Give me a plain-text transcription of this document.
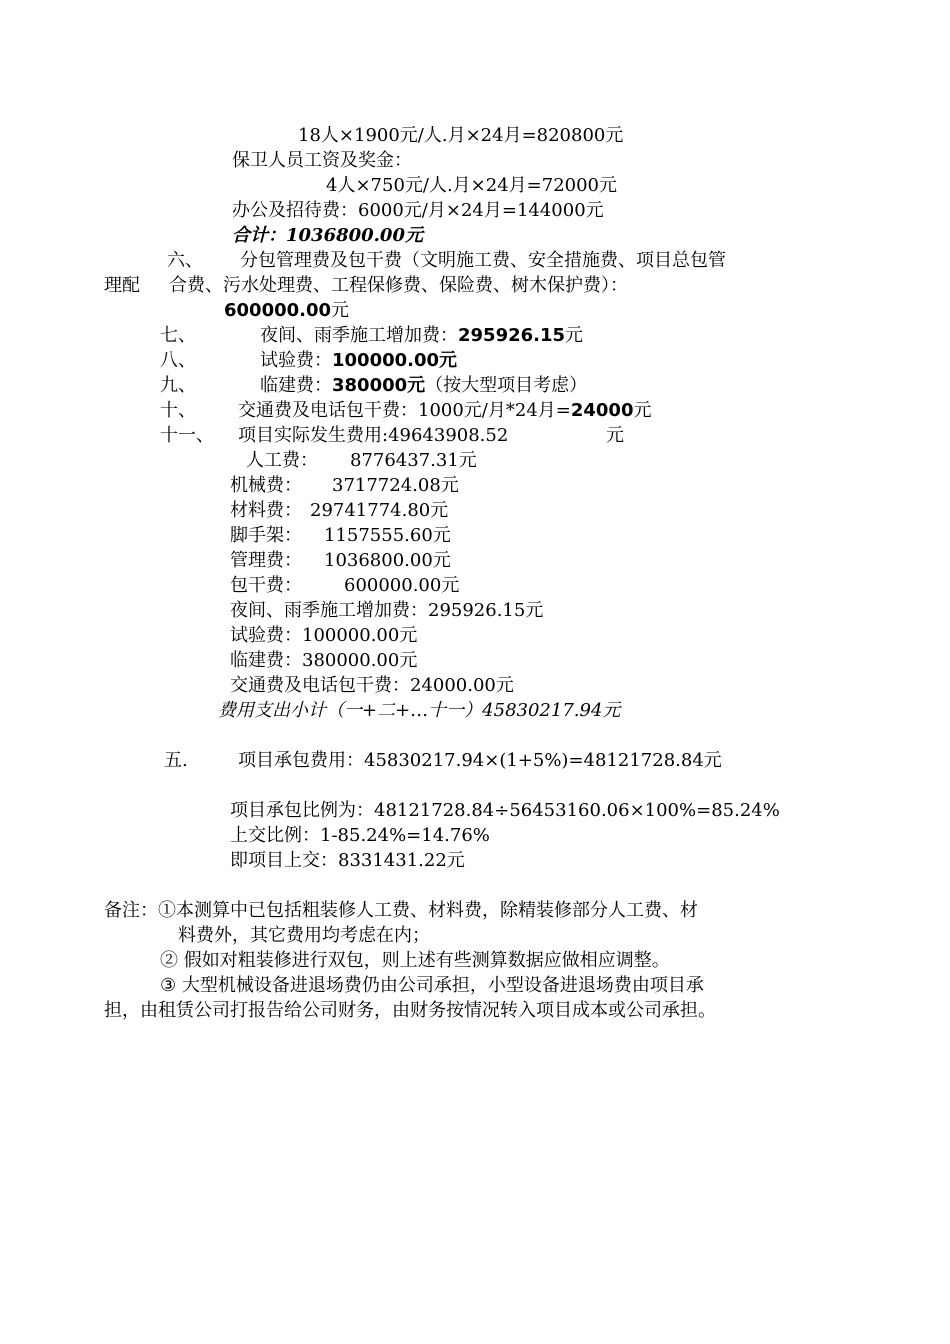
18人×1900元/人.月×24月=820800元
保卫人员工资及奖金：
4人×750元/人.月×24月=72000元
办公及招待费：6000元/月×24月=144000元
合计：1036800.00元
六、 分包管理费及包干费（文明施工费、安全措施费、项目总包管
理配 合费、污水处理费、工程保修费、保险费、树木保护费）：
600000.00元
七、	夜间、雨季施工增加费：295926.15元
八、	试验费：100000.00元
九、	临建费：380000元（按大型项目考虑）
十、 交通费及电话包干费：1000元/月*24月=24000元
十一、 项目实际发生费用:49643908.52	元
人工费： 8776437.31元
机械费： 3717724.08元
材料费： 29741774.80元
脚手架： 1157555.60元
管理费： 1036800.00元
包干费： 600000.00元
夜间、雨季施工增加费：295926.15元
试验费：100000.00元
临建费：380000.00元
交通费及电话包干费：24000.00元
费用支出小计（一+二+…十一）45830217.94元
五.	项目承包费用：45830217.94×(1+5%)=48121728.84元
项目承包比例为：48121728.84÷56453160.06×100%=85.24%
上交比例：1-85.24%=14.76%
即项目上交：8331431.22元
备注：①本测算中已包括粗装修人工费、材料费，除精装修部分人工费、材
料费外，其它费用均考虑在内；
② 假如对粗装修进行双包，则上述有些测算数据应做相应调整。
③ 大型机械设备进退场费仍由公司承担，小型设备进退场费由项目承
担，由租赁公司打报告给公司财务，由财务按情况转入项目成本或公司承担。
